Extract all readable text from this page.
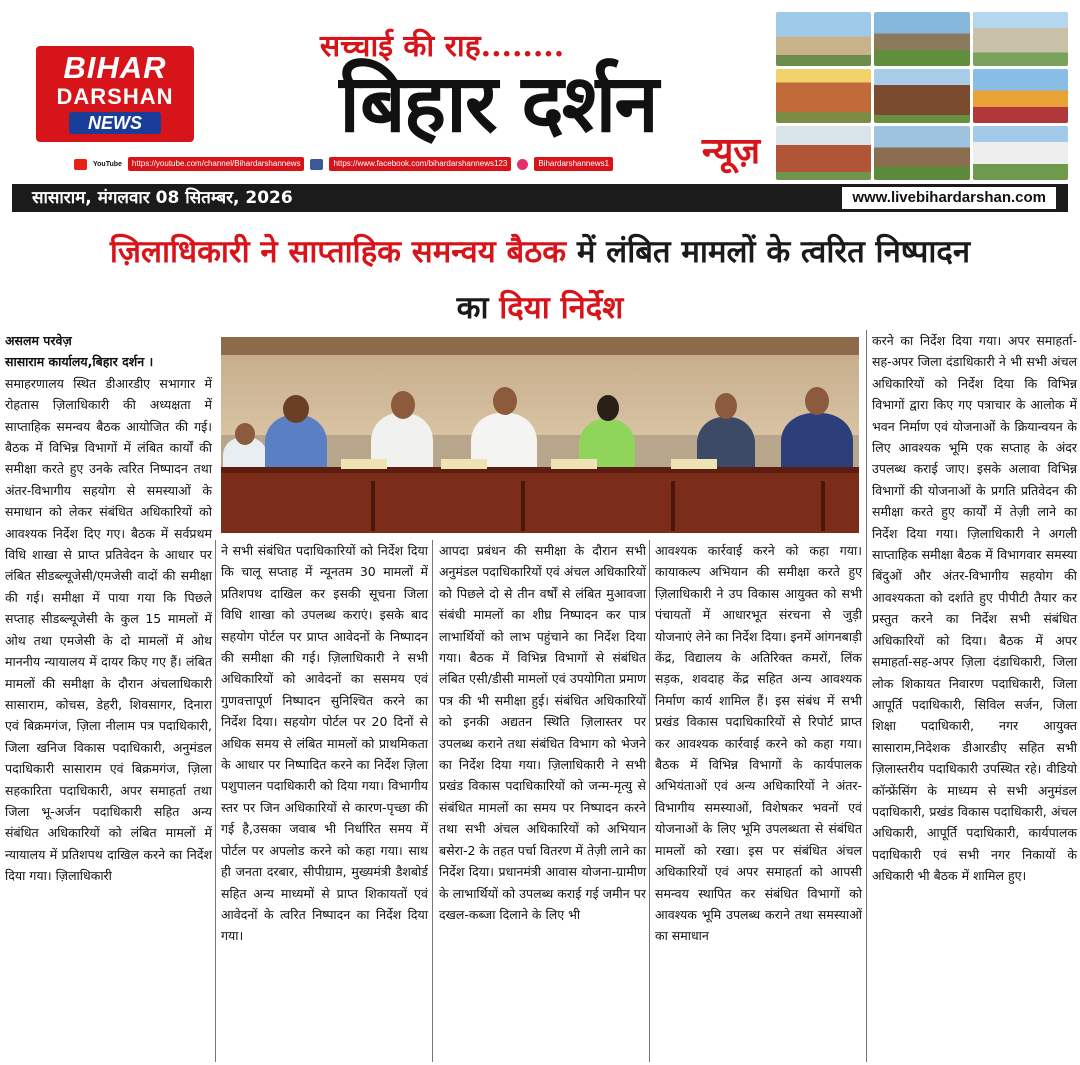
BIHAR
DARSHAN
NEWS
सच्चाई की राह........
बिहार दर्शन
न्यूज़
YouTube	https://youtube.com/channel/Bihardarshannews	https://www.facebook.com/bihardarshannews123	Bihardarshannews1
सासाराम, मंगलवार 08 सितम्बर, 2026	www.livebihardarshan.com
ज़िलाधिकारी ने साप्ताहिक समन्वय बैठक में लंबित मामलों के त्वरित निष्पादन
का दिया निर्देश
असलम परवेज़
सासाराम कार्यालय,बिहार दर्शन ।
समाहरणालय स्थित डीआरडीए सभागार में रोहतास ज़िलाधिकारी की अध्यक्षता में साप्ताहिक समन्वय बैठक आयोजित की गई। बैठक में विभिन्न विभागों में लंबित कार्यों की समीक्षा करते हुए उनके त्वरित निष्पादन तथा अंतर-विभागीय सहयोग से समस्याओं के समाधान को लेकर संबंधित अधिकारियों को आवश्यक निर्देश दिए गए। बैठक में सर्वप्रथम विधि शाखा से प्राप्त प्रतिवेदन के आधार पर लंबित सीडब्ल्यूजेसी/एमजेसी वादों की समीक्षा की गई। समीक्षा में पाया गया कि पिछले सप्ताह सीडब्ल्यूजेसी के कुल 15 मामलों में ओथ तथा एमजेसी के दो मामलों में ओथ माननीय न्यायालय में दायर किए गए हैं। लंबित मामलों की समीक्षा के दौरान अंचलाधिकारी सासाराम, कोचस, डेहरी, शिवसागर, दिनारा एवं बिक्रमगंज, ज़िला नीलाम पत्र पदाधिकारी, जिला खनिज विकास पदाधिकारी, अनुमंडल पदाधिकारी सासाराम एवं बिक्रमगंज, ज़िला सहकारिता पदाधिकारी, अपर समाहर्ता तथा जिला भू-अर्जन पदाधिकारी सहित अन्य संबंधित अधिकारियों को लंबित मामलों में न्यायालय में प्रतिशपथ दाखिल करने का निर्देश दिया गया। ज़िलाधिकारी
ने सभी संबंधित पदाधिकारियों को निर्देश दिया कि चालू सप्ताह में न्यूनतम 30 मामलों में प्रतिशपथ दाखिल कर इसकी सूचना जिला विधि शाखा को उपलब्ध कराएं। इसके बाद सहयोग पोर्टल पर प्राप्त आवेदनों के निष्पादन की समीक्षा की गई। ज़िलाधिकारी ने सभी अधिकारियों को आवेदनों का ससमय एवं गुणवत्तापूर्ण निष्पादन सुनिश्चित करने का निर्देश दिया। सहयोग पोर्टल पर 20 दिनों से अधिक समय से लंबित मामलों को प्राथमिकता के आधार पर निष्पादित करने का निर्देश ज़िला पशुपालन पदाधिकारी को दिया गया। विभागीय स्तर पर जिन अधिकारियों से कारण-पृच्छा की गई है,उसका जवाब भी निर्धारित समय में पोर्टल पर अपलोड करने को कहा गया। साथ ही जनता दरबार, सीपीग्राम, मुख्यमंत्री डैशबोर्ड सहित अन्य माध्यमों से प्राप्त शिकायतों एवं आवेदनों के त्वरित निष्पादन का निर्देश दिया गया।
आपदा प्रबंधन की समीक्षा के दौरान सभी अनुमंडल पदाधिकारियों एवं अंचल अधिकारियों को पिछले दो से तीन वर्षों से लंबित मुआवजा संबंधी मामलों का शीघ्र निष्पादन कर पात्र लाभार्थियों को लाभ पहुंचाने का निर्देश दिया गया। बैठक में विभिन्न विभागों से संबंधित लंबित एसी/डीसी मामलों एवं उपयोगिता प्रमाण पत्र की भी समीक्षा हुई। संबंधित अधिकारियों को इनकी अद्यतन स्थिति ज़िलास्तर पर उपलब्ध कराने तथा संबंधित विभाग को भेजने का निर्देश दिया गया। ज़िलाधिकारी ने सभी प्रखंड विकास पदाधिकारियों को जन्म-मृत्यु से संबंधित मामलों का समय पर निष्पादन करने तथा सभी अंचल अधिकारियों को अभियान बसेरा-2 के तहत पर्चा वितरण में तेज़ी लाने का निर्देश दिया। प्रधानमंत्री आवास योजना-ग्रामीण के लाभार्थियों को उपलब्ध कराई गई जमीन पर दखल-कब्जा दिलाने के लिए भी
आवश्यक कार्रवाई करने को कहा गया। कायाकल्प अभियान की समीक्षा करते हुए ज़िलाधिकारी ने उप विकास आयुक्त को सभी पंचायतों में आधारभूत संरचना से जुड़ी योजनाएं लेने का निर्देश दिया। इनमें आंगनबाड़ी केंद्र, विद्यालय के अतिरिक्त कमरों, लिंक सड़क, शवदाह केंद्र सहित अन्य आवश्यक निर्माण कार्य शामिल हैं। इस संबंध में सभी प्रखंड विकास पदाधिकारियों से रिपोर्ट प्राप्त कर आवश्यक कार्रवाई करने को कहा गया। बैठक में विभिन्न विभागों के कार्यपालक अभियंताओं एवं अन्य अधिकारियों ने अंतर-विभागीय समस्याओं, विशेषकर भवनों एवं योजनाओं के लिए भूमि उपलब्धता से संबंधित मामलों को रखा। इस पर संबंधित अंचल अधिकारियों एवं अपर समाहर्ता को आपसी समन्वय स्थापित कर संबंधित विभागों को आवश्यक भूमि उपलब्ध कराने तथा समस्याओं का समाधान
करने का निर्देश दिया गया। अपर समाहर्ता-सह-अपर जिला दंडाधिकारी ने भी सभी अंचल अधिकारियों को निर्देश दिया कि विभिन्न विभागों द्वारा किए गए पत्राचार के आलोक में भवन निर्माण एवं योजनाओं के क्रियान्वयन के लिए आवश्यक भूमि एक सप्ताह के अंदर उपलब्ध कराई जाए। इसके अलावा विभिन्न विभागों की योजनाओं के प्रगति प्रतिवेदन की समीक्षा करते हुए कार्यों में तेज़ी लाने का निर्देश दिया गया। ज़िलाधिकारी ने अगली साप्ताहिक समीक्षा बैठक में विभागवार समस्या बिंदुओं और अंतर-विभागीय सहयोग की आवश्यकता को दर्शाते हुए पीपीटी तैयार कर प्रस्तुत करने का निर्देश सभी संबंधित अधिकारियों को दिया। बैठक में अपर समाहर्ता-सह-अपर ज़िला दंडाधिकारी, जिला लोक शिकायत निवारण पदाधिकारी, जिला आपूर्ति पदाधिकारी, सिविल सर्जन, जिला शिक्षा पदाधिकारी, नगर आयुक्त सासाराम,निदेशक डीआरडीए सहित सभी ज़िलास्तरीय पदाधिकारी उपस्थित रहे। वीडियो कॉन्फ्रेंसिंग के माध्यम से सभी अनुमंडल पदाधिकारी, प्रखंड विकास पदाधिकारी, अंचल अधिकारी, आपूर्ति पदाधिकारी, कार्यपालक पदाधिकारी एवं सभी नगर निकायों के अधिकारी भी बैठक में शामिल हुए।
